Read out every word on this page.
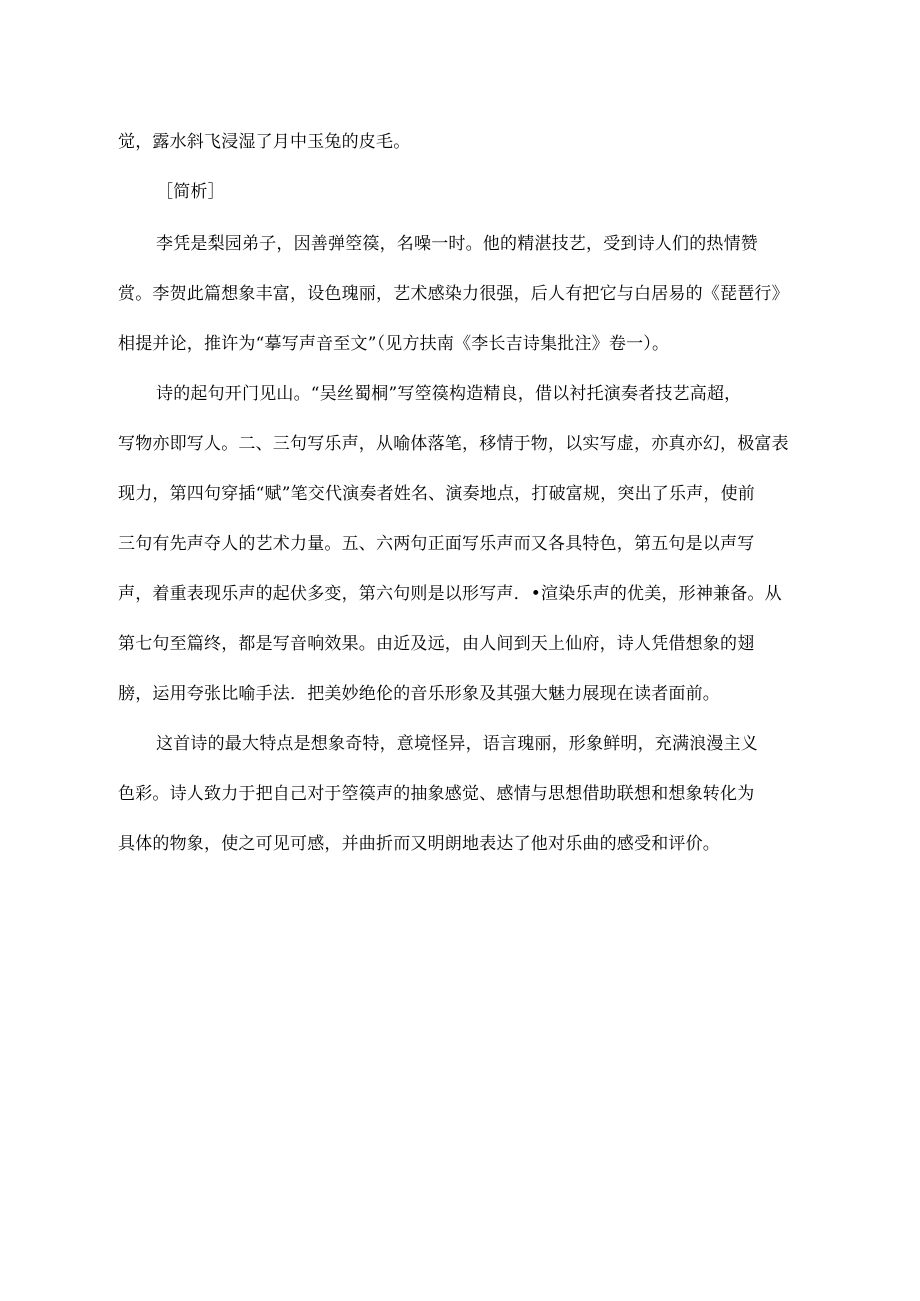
觉，露水斜飞浸湿了月中玉兔的皮毛。
［简析］
李凭是梨园弟子，因善弹箜篌，名噪一时。他的精湛技艺，受到诗人们的热情赞
赏。李贺此篇想象丰富，设色瑰丽，艺术感染力很强，后人有把它与白居易的《琵琶行》
相提并论，推许为“摹写声音至文”（见方扶南《李长吉诗集批注》卷一）。
诗的起句开门见山。“吴丝蜀桐”写箜篌构造精良，借以衬托演奏者技艺高超，
写物亦即写人。二、三句写乐声，从喻体落笔，移情于物，以实写虚，亦真亦幻，极富表
现力，第四句穿插“赋”笔交代演奏者姓名、演奏地点，打破富规，突出了乐声，使前
三句有先声夺人的艺术力量。五、六两句正面写乐声而又各具特色，第五句是以声写
声，着重表现乐声的起伏多变，第六句则是以形写声．•渲染乐声的优美，形神兼备。从
第七句至篇终，都是写音响效果。由近及远，由人间到天上仙府，诗人凭借想象的翅
膀，运用夸张比喻手法．把美妙绝伦的音乐形象及其强大魅力展现在读者面前。
这首诗的最大特点是想象奇特，意境怪异，语言瑰丽，形象鲜明，充满浪漫主义
色彩。诗人致力于把自己对于箜篌声的抽象感觉、感情与思想借助联想和想象转化为
具体的物象，使之可见可感，并曲折而又明朗地表达了他对乐曲的感受和评价。
